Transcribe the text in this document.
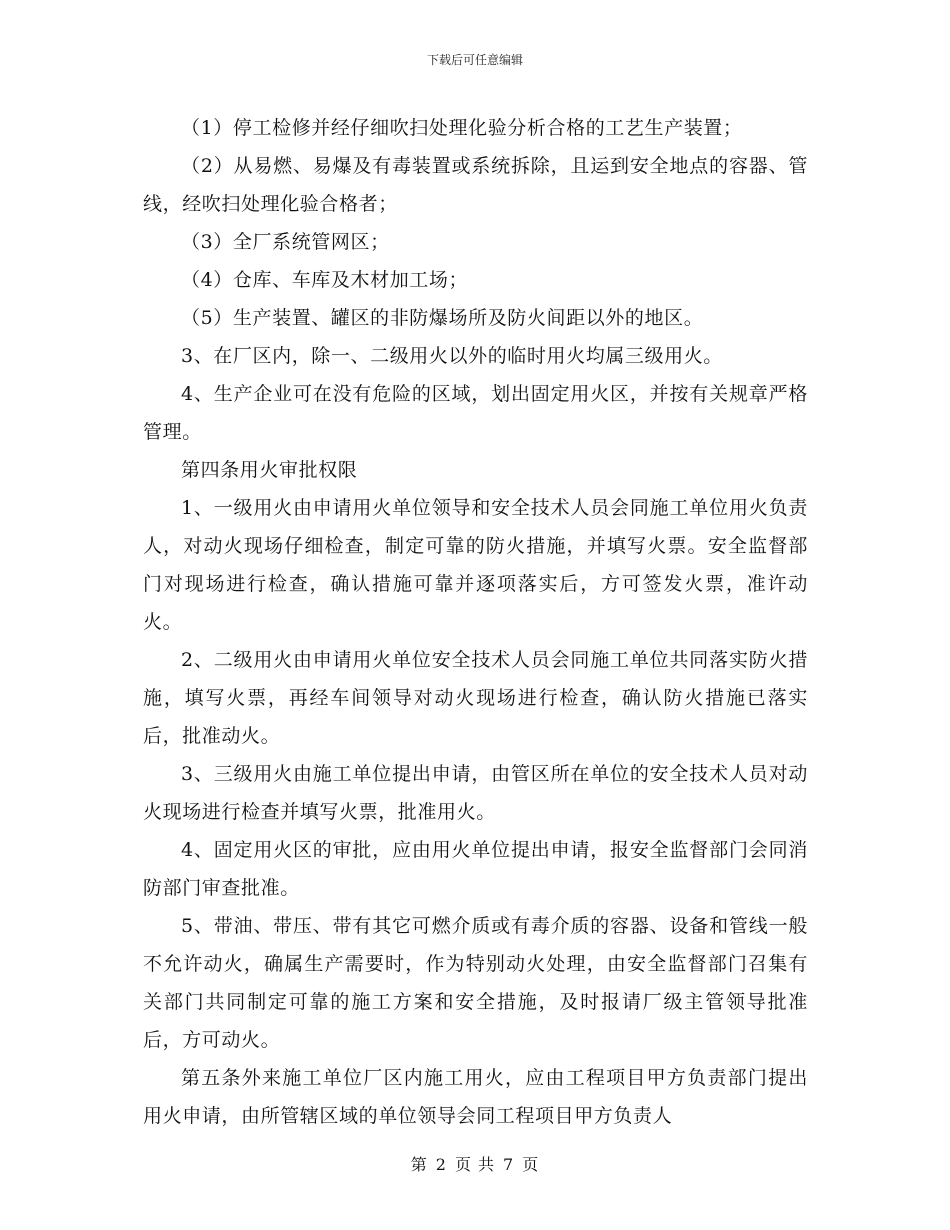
下载后可任意编辑

（1）停工检修并经仔细吹扫处理化验分析合格的工艺生产装置；

（2）从易燃、易爆及有毒装置或系统拆除，且运到安全地点的容器、管线，经吹扫处理化验合格者；

（3）全厂系统管网区；

（4）仓库、车库及木材加工场；

（5）生产装置、罐区的非防爆场所及防火间距以外的地区。

3、在厂区内，除一、二级用火以外的临时用火均属三级用火。

4、生产企业可在没有危险的区域，划出固定用火区，并按有关规章严格管理。

第四条用火审批权限

1、一级用火由申请用火单位领导和安全技术人员会同施工单位用火负责人，对动火现场仔细检查，制定可靠的防火措施，并填写火票。安全监督部门对现场进行检查，确认措施可靠并逐项落实后，方可签发火票，准许动火。

2、二级用火由申请用火单位安全技术人员会同施工单位共同落实防火措施，填写火票，再经车间领导对动火现场进行检查，确认防火措施已落实后，批准动火。

3、三级用火由施工单位提出申请，由管区所在单位的安全技术人员对动火现场进行检查并填写火票，批准用火。

4、固定用火区的审批，应由用火单位提出申请，报安全监督部门会同消防部门审查批准。

5、带油、带压、带有其它可燃介质或有毒介质的容器、设备和管线一般不允许动火，确属生产需要时，作为特别动火处理，由安全监督部门召集有关部门共同制定可靠的施工方案和安全措施，及时报请厂级主管领导批准后，方可动火。

第五条外来施工单位厂区内施工用火，应由工程项目甲方负责部门提出用火申请，由所管辖区域的单位领导会同工程项目甲方负责人

第 2 页 共 7 页
